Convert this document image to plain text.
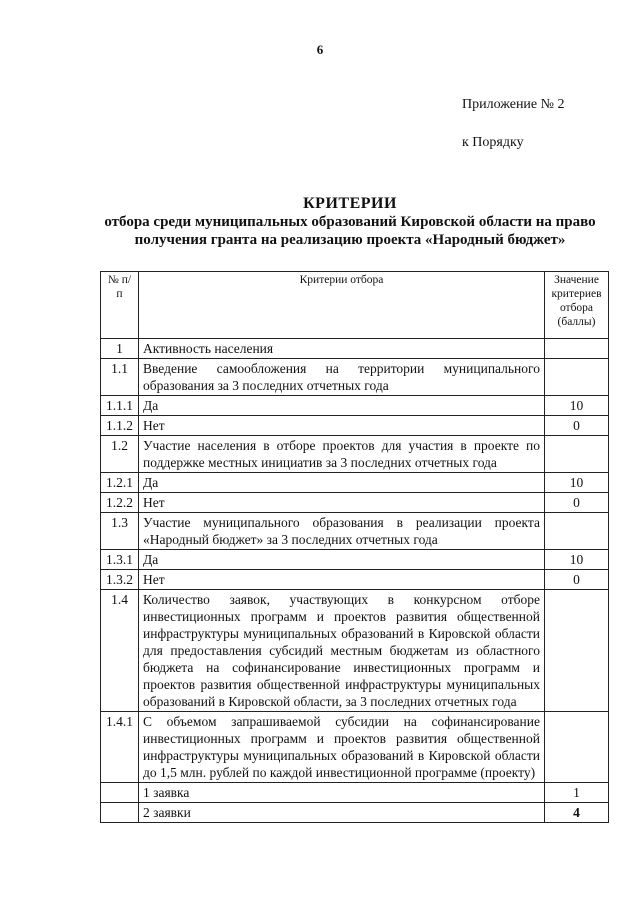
6
Приложение № 2
к Порядку
КРИТЕРИИ
отбора среди муниципальных образований Кировской области на право
получения гранта на реализацию проекта «Народный бюджет»
№ п/п	Критерии отбора	Значение критериев отбора (баллы)
1	Активность населения	
1.1	Введение самообложения на территории муниципального образования за 3 последних отчетных года	
1.1.1	Да	10
1.1.2	Нет	0
1.2	Участие населения в отборе проектов для участия в проекте по поддержке местных инициатив за 3 последних отчетных года	
1.2.1	Да	10
1.2.2	Нет	0
1.3	Участие муниципального образования в реализации проекта «Народный бюджет» за 3 последних отчетных года	
1.3.1	Да	10
1.3.2	Нет	0
1.4	Количество заявок, участвующих в конкурсном отборе инвестиционных программ и проектов развития общественной инфраструктуры муниципальных образований в Кировской области для предоставления субсидий местным бюджетам из областного бюджета на софинансирование инвестиционных программ и проектов развития общественной инфраструктуры муниципальных образований в Кировской области, за 3 последних отчетных года	
1.4.1	С объемом запрашиваемой субсидии на софинансирование инвестиционных программ и проектов развития общественной инфраструктуры муниципальных образований в Кировской области до 1,5 млн. рублей по каждой инвестиционной программе (проекту)	
	1 заявка	1
	2 заявки	4
